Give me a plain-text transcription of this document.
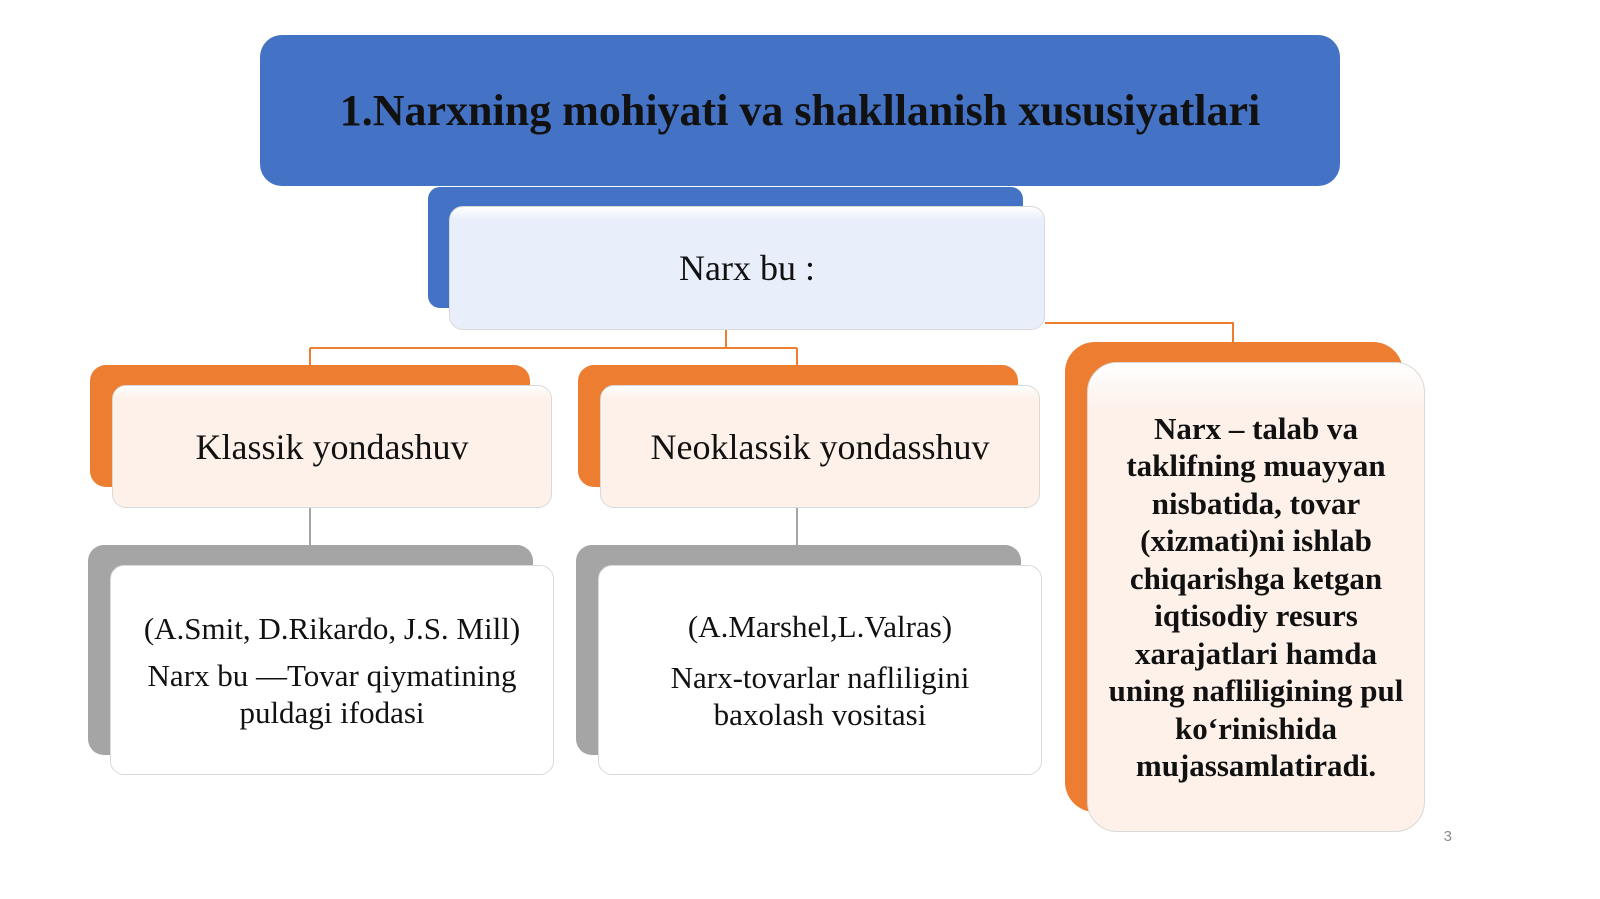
1.Narxning mohiyati va shakllanish xususiyatlari
Narx bu :
Klassik yondashuv	Neoklassik yondasshuv
(A.Smit, D.Rikardo, J.S. Mill)
Narx bu —Tovar qiymatining puldagi ifodasi
(A.Marshel,L.Valras)
Narx-tovarlar nafliligini baxolash vositasi
Narx – talab va taklifning muayyan nisbatida, tovar (xizmati)ni ishlab chiqarishga ketgan iqtisodiy resurs xarajatlari hamda uning nafliligining pul koʻrinishida mujassamlatiradi.
3
